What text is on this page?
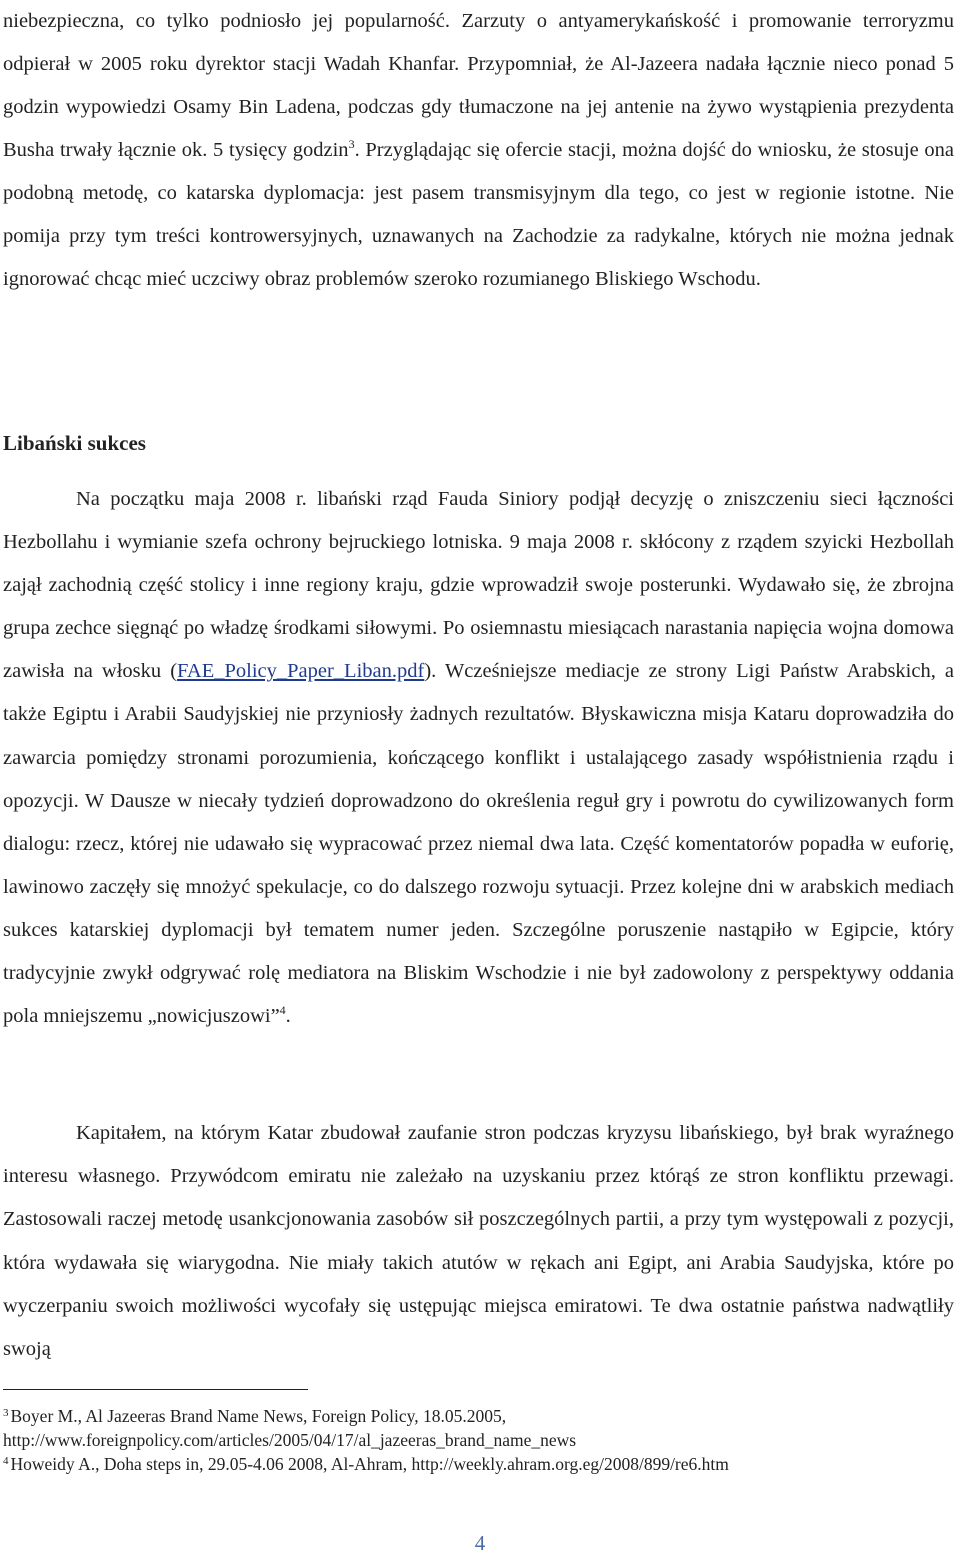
niebezpieczna, co tylko podniosło jej popularność. Zarzuty o antyamerykańskość i promowanie terroryzmu odpierał w 2005 roku dyrektor stacji Wadah Khanfar. Przypomniał, że Al-Jazeera nadała łącznie nieco ponad 5 godzin wypowiedzi Osamy Bin Ladena, podczas gdy tłumaczone na jej antenie na żywo wystąpienia prezydenta Busha trwały łącznie ok. 5 tysięcy godzin$^3$. Przyglądając się ofercie stacji, można dojść do wniosku, że stosuje ona podobną metodę, co katarska dyplomacja: jest pasem transmisyjnym dla tego, co jest w regionie istotne. Nie pomija przy tym treści kontrowersyjnych, uznawanych na Zachodzie za radykalne, których nie można jednak ignorować chcąc mieć uczciwy obraz problemów szeroko rozumianego Bliskiego Wschodu.

Libański sukces

Na początku maja 2008 r. libański rząd Fauda Siniory podjął decyzję o zniszczeniu sieci łączności Hezbollahu i wymianie szefa ochrony bejruckiego lotniska. 9 maja 2008 r. skłócony z rządem szyicki Hezbollah zajął zachodnią część stolicy i inne regiony kraju, gdzie wprowadził swoje posterunki. Wydawało się, że zbrojna grupa zechce sięgnąć po władzę środkami siłowymi. Po osiemnastu miesiącach narastania napięcia wojna domowa zawisła na włosku (FAE_Policy_Paper_Liban.pdf). Wcześniejsze mediacje ze strony Ligi Państw Arabskich, a także Egiptu i Arabii Saudyjskiej nie przyniosły żadnych rezultatów. Błyskawiczna misja Kataru doprowadziła do zawarcia pomiędzy stronami porozumienia, kończącego konflikt i ustalającego zasady współistnienia rządu i opozycji. W Dausze w niecały tydzień doprowadzono do określenia reguł gry i powrotu do cywilizowanych form dialogu: rzecz, której nie udawało się wypracować przez niemal dwa lata. Część komentatorów popadła w euforię, lawinowo zaczęły się mnożyć spekulacje, co do dalszego rozwoju sytuacji. Przez kolejne dni w arabskich mediach sukces katarskiej dyplomacji był tematem numer jeden. Szczególne poruszenie nastąpiło w Egipcie, który tradycyjnie zwykł odgrywać rolę mediatora na Bliskim Wschodzie i nie był zadowolony z perspektywy oddania pola mniejszemu „nowicjuszowi”$^4$.

Kapitałem, na którym Katar zbudował zaufanie stron podczas kryzysu libańskiego, był brak wyraźnego interesu własnego. Przywódcom emiratu nie zależało na uzyskaniu przez którąś ze stron konfliktu przewagi. Zastosowali raczej metodę usankcjonowania zasobów sił poszczególnych partii, a przy tym występowali z pozycji, która wydawała się wiarygodna. Nie miały takich atutów w rękach ani Egipt, ani Arabia Saudyjska, które po wyczerpaniu swoich możliwości wycofały się ustępując miejsca emiratowi. Te dwa ostatnie państwa nadwątliły swoją

$^3$ Boyer M., Al Jazeeras Brand Name News, Foreign Policy, 18.05.2005,

http://www.foreignpolicy.com/articles/2005/04/17/al_jazeeras_brand_name_news

$^4$ Howeidy A., Doha steps in, 29.05-4.06 2008, Al-Ahram, http://weekly.ahram.org.eg/2008/899/re6.htm

4
